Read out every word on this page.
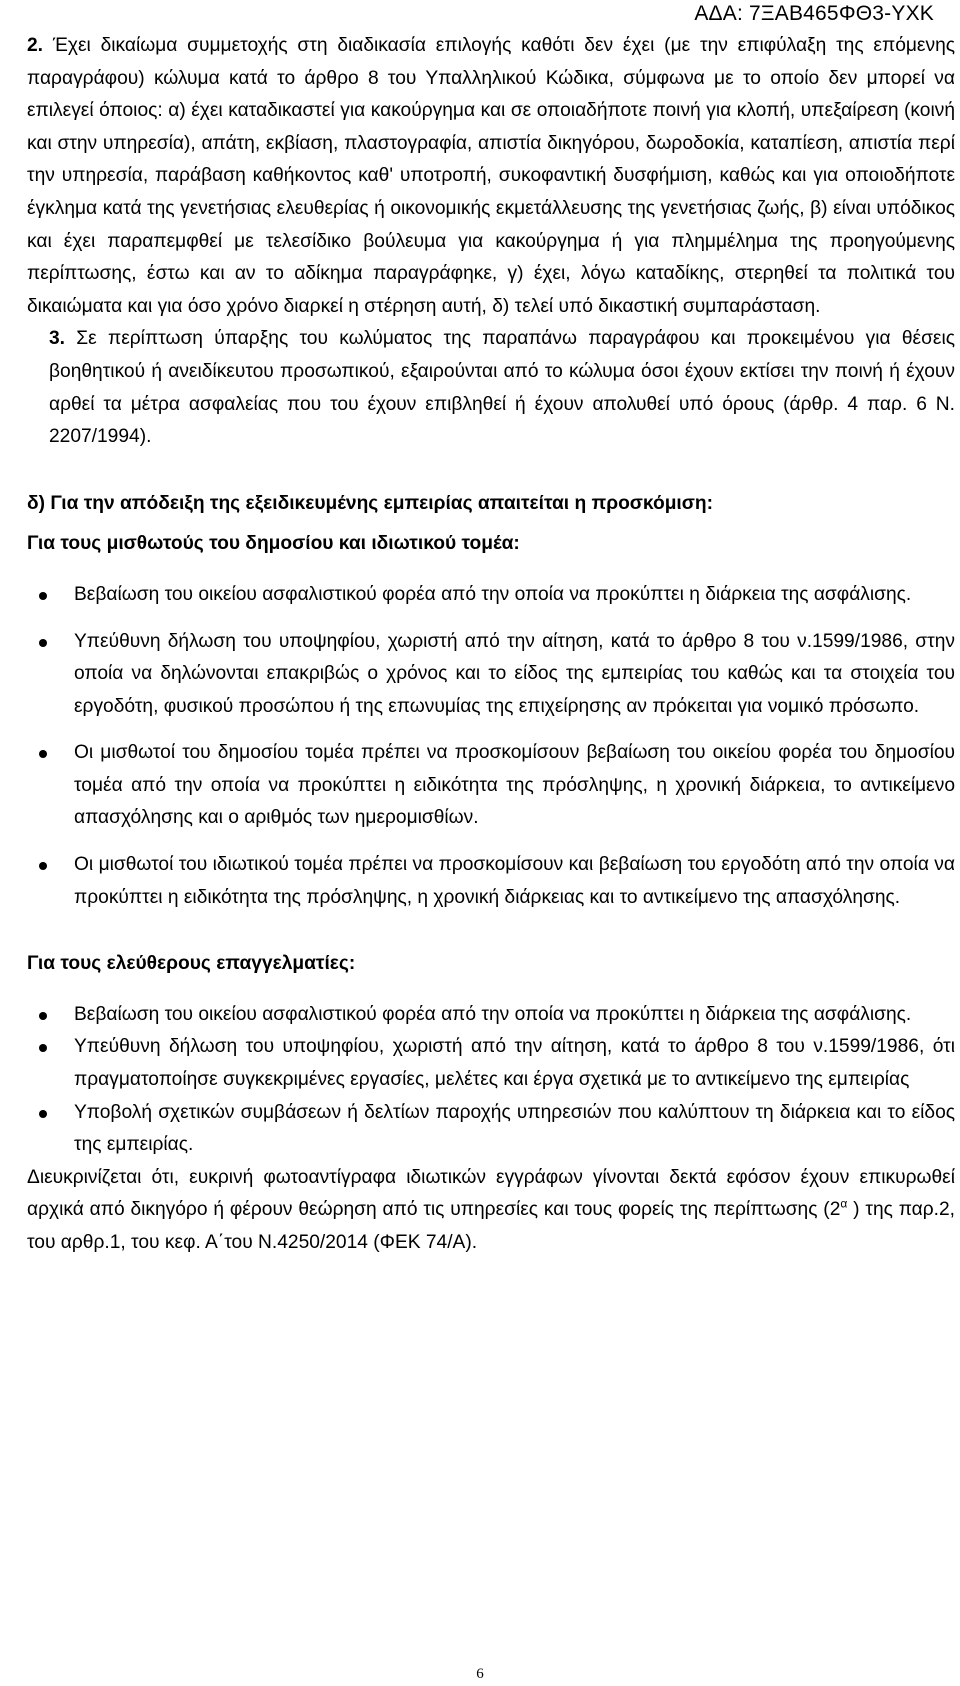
ΑΔΑ: 7ΞΑΒ465ΦΘ3-ΥΧΚ

2. Έχει δικαίωμα συμμετοχής στη διαδικασία επιλογής καθότι δεν έχει (με την επιφύλαξη της επόμενης παραγράφου) κώλυμα κατά το άρθρο 8 του Υπαλληλικού Κώδικα, σύμφωνα με το οποίο δεν μπορεί να επιλεγεί όποιος: α) έχει καταδικαστεί για κακούργημα και σε οποιαδήποτε ποινή για κλοπή, υπεξαίρεση (κοινή και στην υπηρεσία), απάτη, εκβίαση, πλαστογραφία, απιστία δικηγόρου, δωροδοκία, καταπίεση, απιστία περί την υπηρεσία, παράβαση καθήκοντος καθ' υποτροπή, συκοφαντική δυσφήμιση, καθώς και για οποιοδήποτε έγκλημα κατά της γενετήσιας ελευθερίας ή οικονομικής εκμετάλλευσης της γενετήσιας ζωής, β) είναι υπόδικος και έχει παραπεμφθεί με τελεσίδικο βούλευμα για κακούργημα ή για πλημμέλημα της προηγούμενης περίπτωσης, έστω και αν το αδίκημα παραγράφηκε, γ) έχει, λόγω καταδίκης, στερηθεί τα πολιτικά του δικαιώματα και για όσο χρόνο διαρκεί η στέρηση αυτή, δ) τελεί υπό δικαστική συμπαράσταση.

3. Σε περίπτωση ύπαρξης του κωλύματος της παραπάνω παραγράφου και προκειμένου για θέσεις βοηθητικού ή ανειδίκευτου προσωπικού, εξαιρούνται από το κώλυμα όσοι έχουν εκτίσει την ποινή ή έχουν αρθεί τα μέτρα ασφαλείας που του έχουν επιβληθεί ή έχουν απολυθεί υπό όρους (άρθρ. 4 παρ. 6 Ν. 2207/1994).

δ) Για την απόδειξη της εξειδικευμένης εμπειρίας απαιτείται η προσκόμιση:

Για τους μισθωτούς του δημοσίου και ιδιωτικού τομέα:

Βεβαίωση του οικείου ασφαλιστικού φορέα από την οποία να προκύπτει η διάρκεια της ασφάλισης.
Υπεύθυνη δήλωση του υποψηφίου, χωριστή από την αίτηση, κατά το άρθρο 8 του ν.1599/1986, στην οποία να δηλώνονται επακριβώς ο χρόνος και το είδος της εμπειρίας του καθώς και τα στοιχεία του εργοδότη, φυσικού προσώπου ή της επωνυμίας της επιχείρησης αν πρόκειται για νομικό πρόσωπο.
Οι μισθωτοί του δημοσίου τομέα πρέπει να προσκομίσουν βεβαίωση του οικείου φορέα του δημοσίου τομέα από την οποία να προκύπτει η ειδικότητα της πρόσληψης, η χρονική διάρκεια, το αντικείμενο απασχόλησης και ο αριθμός των ημερομισθίων.
Οι μισθωτοί του ιδιωτικού τομέα πρέπει να προσκομίσουν και βεβαίωση του εργοδότη από την οποία να προκύπτει η ειδικότητα της πρόσληψης, η χρονική διάρκειας και το αντικείμενο της απασχόλησης.

Για τους ελεύθερους επαγγελματίες:

Βεβαίωση του οικείου ασφαλιστικού φορέα από την οποία να προκύπτει η διάρκεια της ασφάλισης.
Υπεύθυνη δήλωση του υποψηφίου, χωριστή από την αίτηση, κατά το άρθρο 8 του ν.1599/1986, ότι πραγματοποίησε συγκεκριμένες εργασίες, μελέτες και έργα σχετικά με το αντικείμενο της εμπειρίας
Υποβολή σχετικών συμβάσεων ή δελτίων παροχής υπηρεσιών που καλύπτουν τη διάρκεια και το είδος της εμπειρίας.

Διευκρινίζεται ότι, ευκρινή φωτοαντίγραφα ιδιωτικών εγγράφων γίνονται δεκτά εφόσον έχουν επικυρωθεί αρχικά από δικηγόρο ή φέρουν θεώρηση από τις υπηρεσίες και τους φορείς της περίπτωσης (2$^\alpha$ ) της παρ.2, του αρθρ.1, του κεφ. Α΄του Ν.4250/2014 (ΦΕΚ 74/Α).

6
